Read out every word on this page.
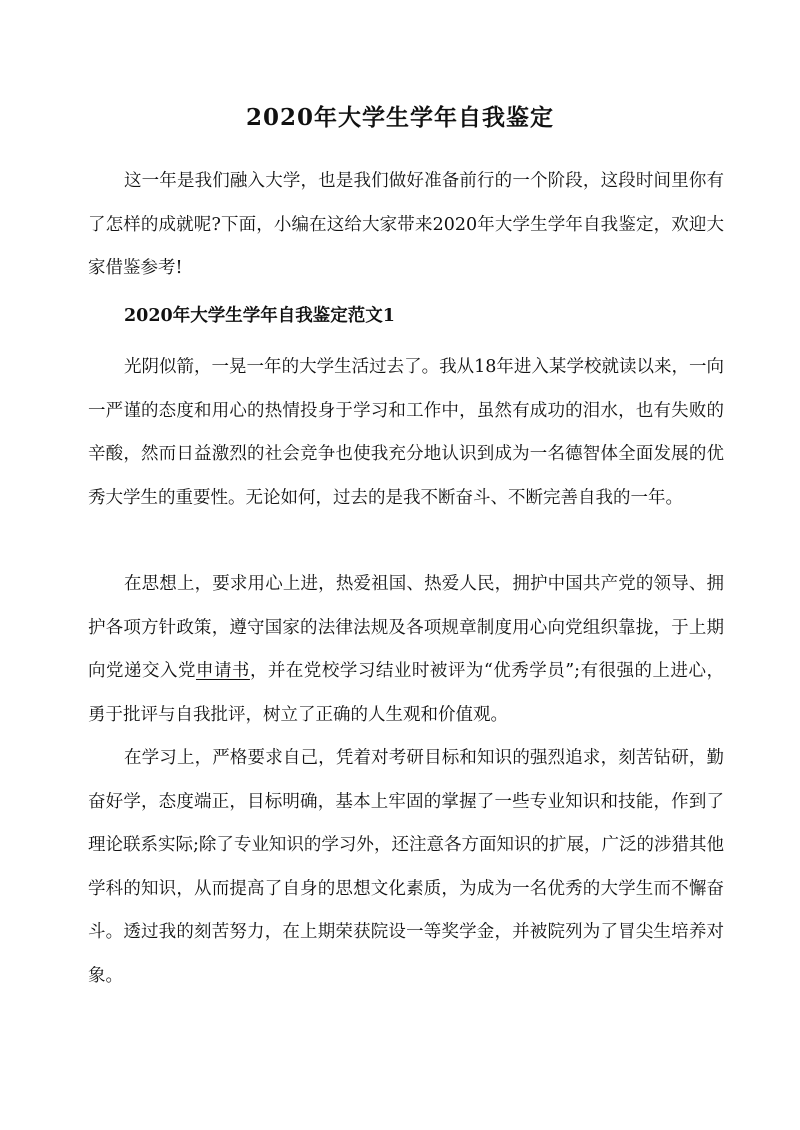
2020年大学生学年自我鉴定
这一年是我们融入大学，也是我们做好准备前行的一个阶段，这段时间里你有了怎样的成就呢?下面，小编在这给大家带来2020年大学生学年自我鉴定，欢迎大家借鉴参考!
2020年大学生学年自我鉴定范文1
光阴似箭，一晃一年的大学生活过去了。我从18年进入某学校就读以来，一向一严谨的态度和用心的热情投身于学习和工作中，虽然有成功的泪水，也有失败的辛酸，然而日益激烈的社会竞争也使我充分地认识到成为一名德智体全面发展的优秀大学生的重要性。无论如何，过去的是我不断奋斗、不断完善自我的一年。
在思想上，要求用心上进，热爱祖国、热爱人民，拥护中国共产党的领导、拥护各项方针政策，遵守国家的法律法规及各项规章制度用心向党组织靠拢，于上期向党递交入党申请书，并在党校学习结业时被评为“优秀学员”;有很强的上进心，勇于批评与自我批评，树立了正确的人生观和价值观。
在学习上，严格要求自己，凭着对考研目标和知识的强烈追求，刻苦钻研，勤奋好学，态度端正，目标明确，基本上牢固的掌握了一些专业知识和技能，作到了理论联系实际;除了专业知识的学习外，还注意各方面知识的扩展，广泛的涉猎其他学科的知识，从而提高了自身的思想文化素质，为成为一名优秀的大学生而不懈奋斗。透过我的刻苦努力，在上期荣获院设一等奖学金，并被院列为了冒尖生培养对象。
